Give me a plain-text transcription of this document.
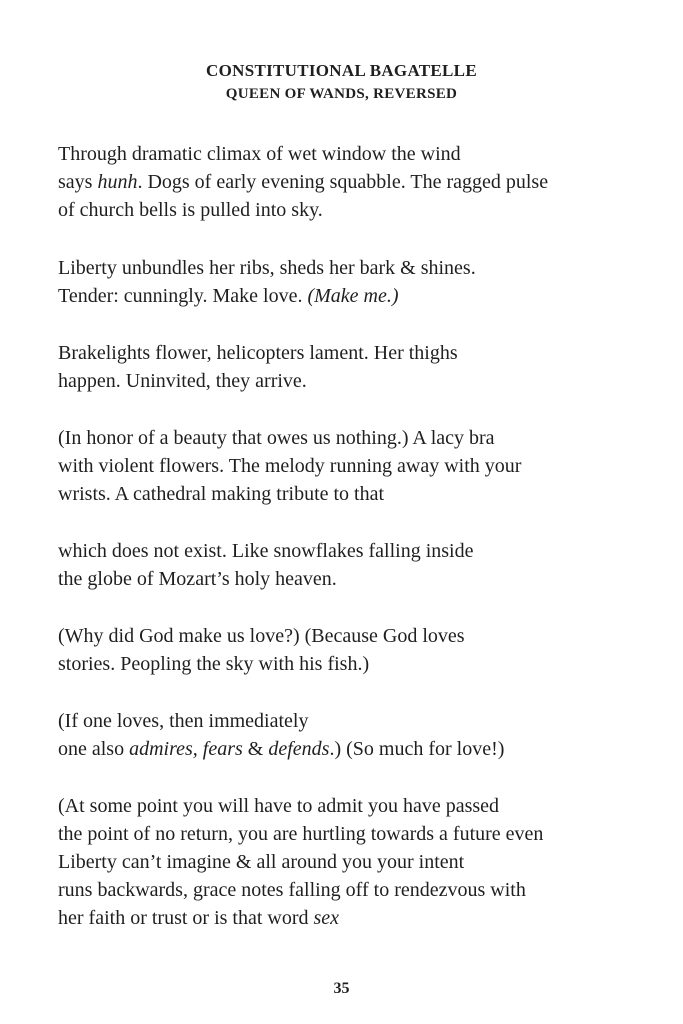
CONSTITUTIONAL BAGATELLE
QUEEN OF WANDS, REVERSED
Through dramatic climax of wet window the wind
says hunh. Dogs of early evening squabble. The ragged pulse
of church bells is pulled into sky.
Liberty unbundles her ribs, sheds her bark & shines.
Tender: cunningly. Make love. (Make me.)
Brakelights flower, helicopters lament. Her thighs
happen. Uninvited, they arrive.
(In honor of a beauty that owes us nothing.) A lacy bra
with violent flowers. The melody running away with your
wrists. A cathedral making tribute to that
which does not exist. Like snowflakes falling inside
the globe of Mozart’s holy heaven.
(Why did God make us love?) (Because God loves
stories. Peopling the sky with his fish.)
(If one loves, then immediately
one also admires, fears & defends.) (So much for love!)
(At some point you will have to admit you have passed
the point of no return, you are hurtling towards a future even
Liberty can’t imagine & all around you your intent
runs backwards, grace notes falling off to rendezvous with
her faith or trust or is that word sex
35
